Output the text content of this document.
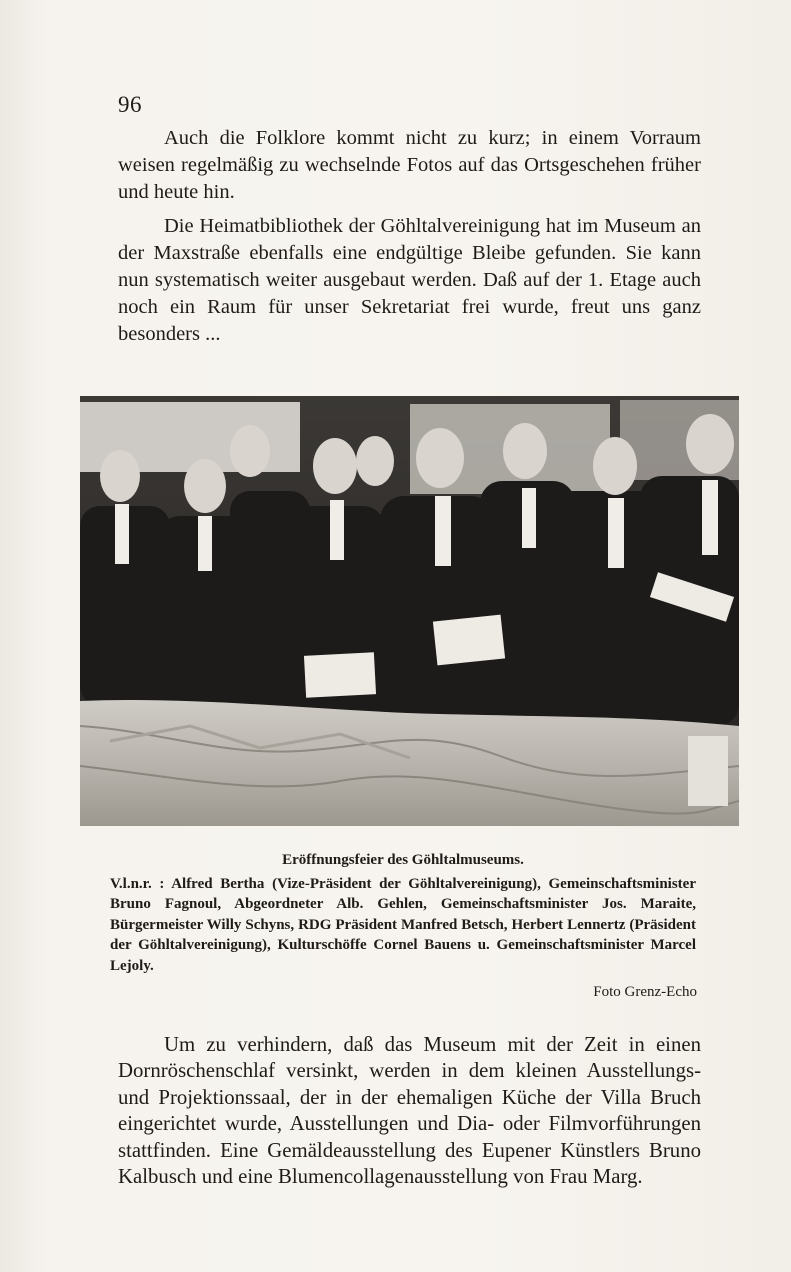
96

Auch die Folklore kommt nicht zu kurz; in einem Vorraum weisen regelmäßig zu wechselnde Fotos auf das Ortsgeschehen früher und heute hin.

Die Heimatbibliothek der Göhltalvereinigung hat im Museum an der Maxstraße ebenfalls eine endgültige Bleibe gefunden. Sie kann nun systematisch weiter ausgebaut werden. Daß auf der 1. Etage auch noch ein Raum für unser Sekretariat frei wurde, freut uns ganz besonders ...

Eröffnungsfeier des Göhltalmuseums.

V.l.n.r. : Alfred Bertha (Vize-Präsident der Göhltalvereinigung), Gemeinschaftsminister Bruno Fagnoul, Abgeordneter Alb. Gehlen, Gemeinschaftsminister Jos. Maraite, Bürgermeister Willy Schyns, RDG Präsident Manfred Betsch, Herbert Lennertz (Präsident der Göhltalvereinigung), Kulturschöffe Cornel Bauens u. Gemeinschaftsminister Marcel Lejoly.

Foto Grenz-Echo

Um zu verhindern, daß das Museum mit der Zeit in einen Dornröschenschlaf versinkt, werden in dem kleinen Ausstellungs- und Projektionssaal, der in der ehemaligen Küche der Villa Bruch eingerichtet wurde, Ausstellungen und Dia- oder Filmvorführungen stattfinden. Eine Gemäldeausstellung des Eupener Künstlers Bruno Kalbusch und eine Blumencollagenausstellung von Frau Marg.
